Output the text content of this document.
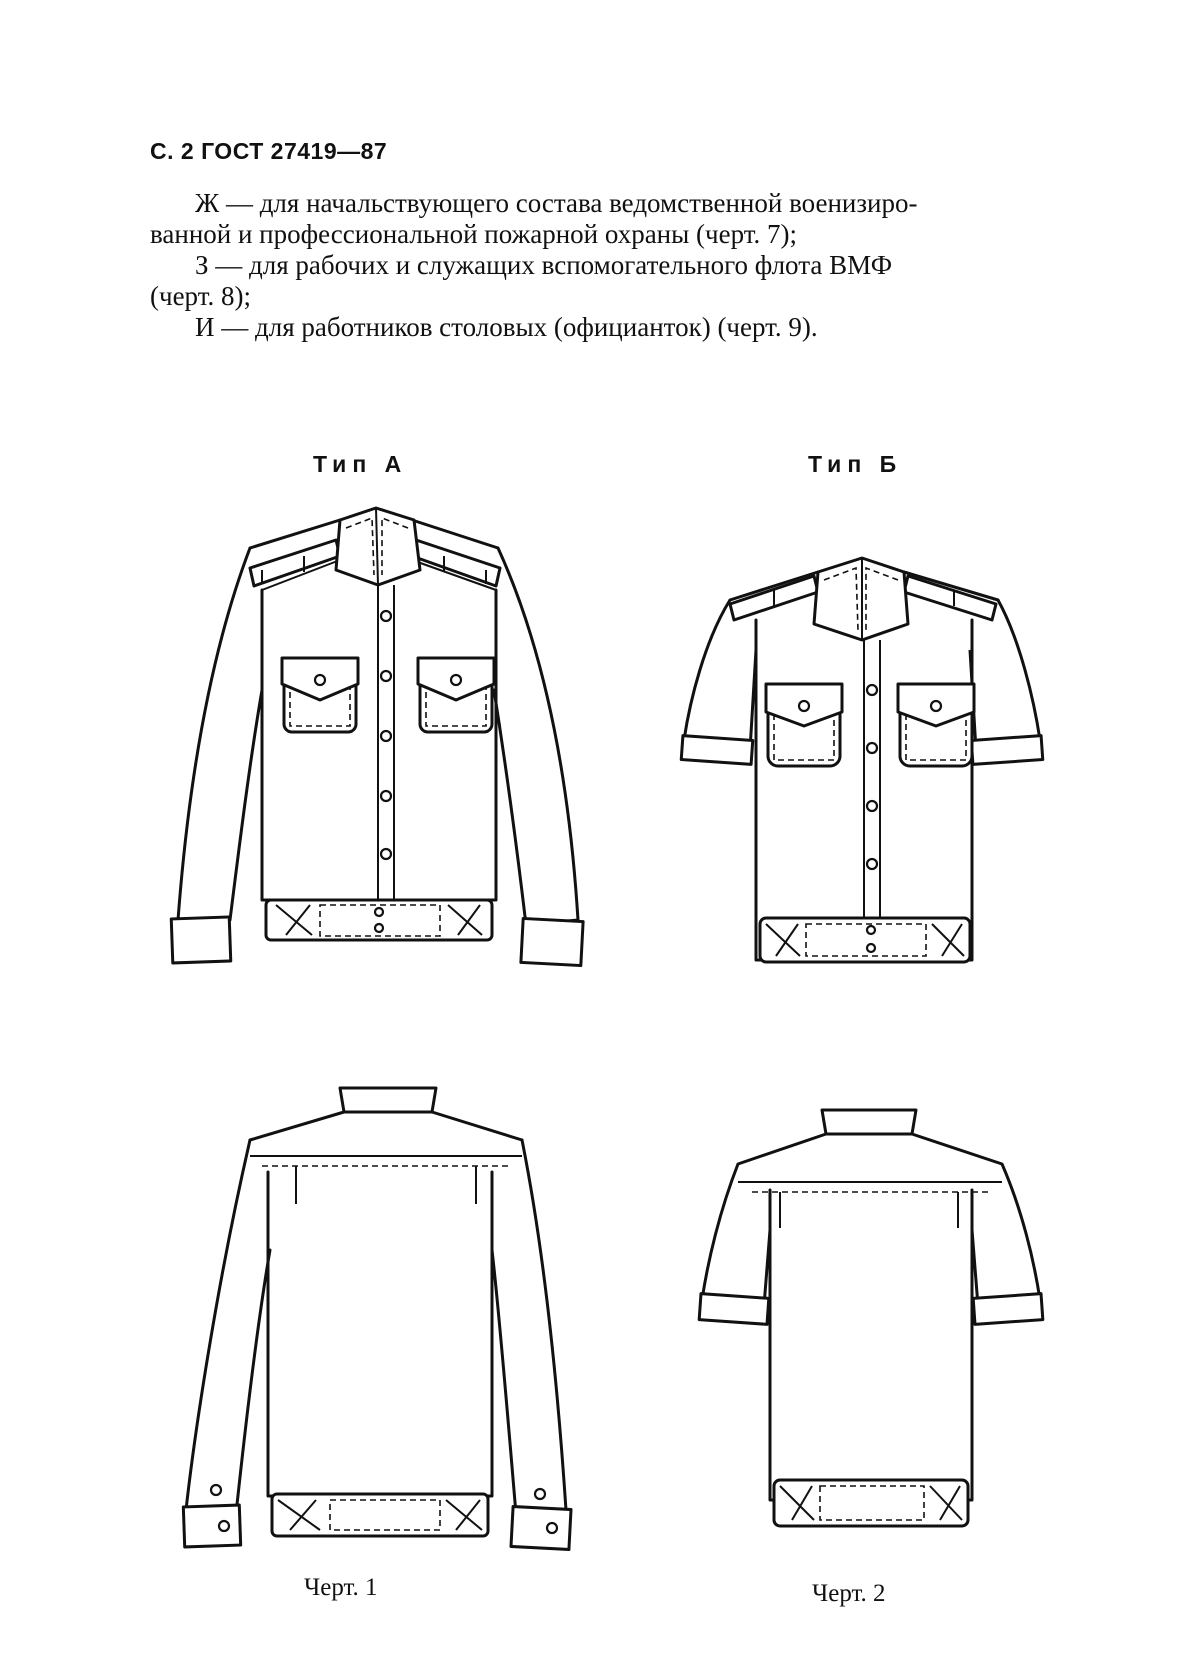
С. 2 ГОСТ 27419—87
Ж — для начальствующего состава ведомственной военизиро-
ванной и профессиональной пожарной охраны (черт. 7);
З — для рабочих и служащих вспомогательного флота ВМФ
(черт. 8);
И — для работников столовых (официанток) (черт. 9).
Тип А	Тип Б
Черт. 1	Черт. 2
